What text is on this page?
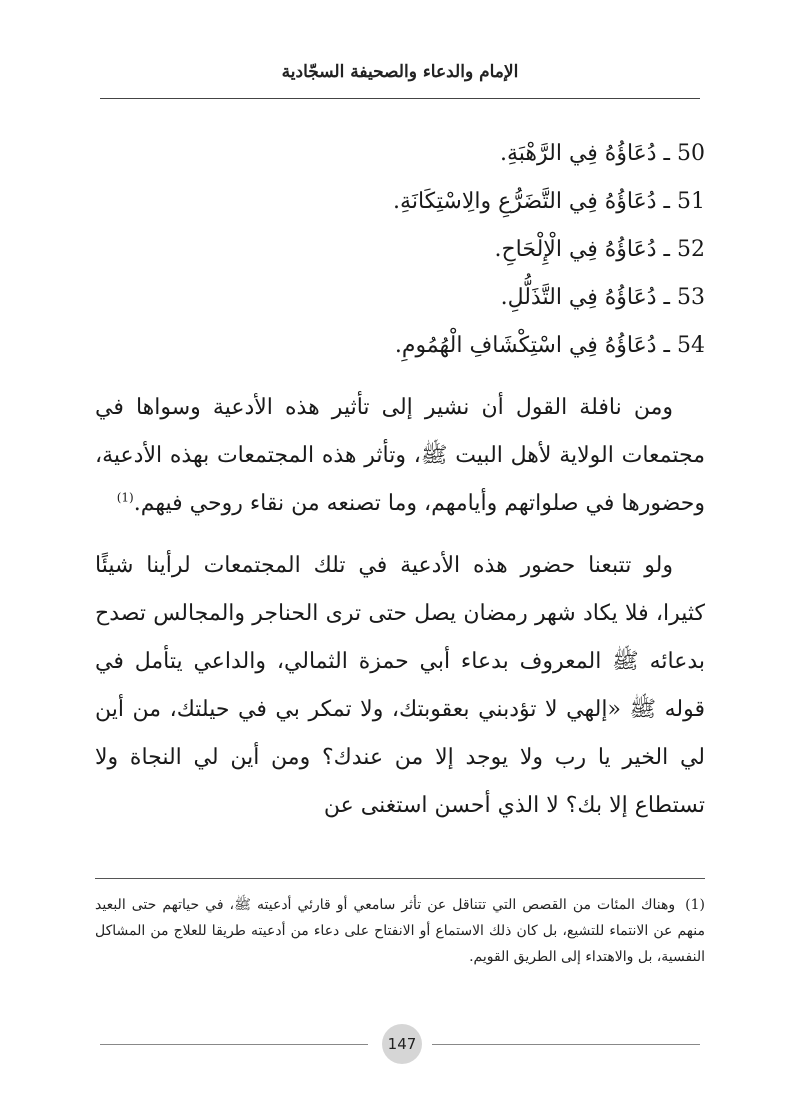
الإمام والدعاء والصحيفة السجّادية
50 ـ دُعَاؤُهُ فِي الرَّهْبَةِ.
51 ـ دُعَاؤُهُ فِي التَّضَرُّعِ والِاسْتِكَانَةِ.
52 ـ دُعَاؤُهُ فِي الْإِلْحَاحِ.
53 ـ دُعَاؤُهُ فِي التَّذَلُّلِ.
54 ـ دُعَاؤُهُ فِي اسْتِكْشَافِ الْهُمُومِ.

ومن نافلة القول أن نشير إلى تأثير هذه الأدعية وسواها في مجتمعات الولاية لأهل البيت ﷺ، وتأثر هذه المجتمعات بهذه الأدعية، وحضورها في صلواتهم وأيامهم، وما تصنعه من نقاء روحي فيهم.$^{(1)}$

ولو تتبعنا حضور هذه الأدعية في تلك المجتمعات لرأينا شيئًا كثيرا، فلا يكاد شهر رمضان يصل حتى ترى الحناجر والمجالس تصدح بدعائه ﷺ المعروف بدعاء أبي حمزة الثمالي، والداعي يتأمل في قوله ﷺ «إلهي لا تؤدبني بعقوبتك، ولا تمكر بي في حيلتك، من أين لي الخير يا رب ولا يوجد إلا من عندك؟ ومن أين لي النجاة ولا تستطاع إلا بك؟ لا الذي أحسن استغنى عن

(1)وهناك المئات من القصص التي تتناقل عن تأثر سامعي أو قارئي أدعيته ﷺ، في حياتهم حتى البعيد منهم عن الانتماء للتشيع، بل كان ذلك الاستماع أو الانفتاح على دعاء من أدعيته طريقا للعلاج من المشاكل النفسية، بل والاهتداء إلى الطريق القويم.
147
